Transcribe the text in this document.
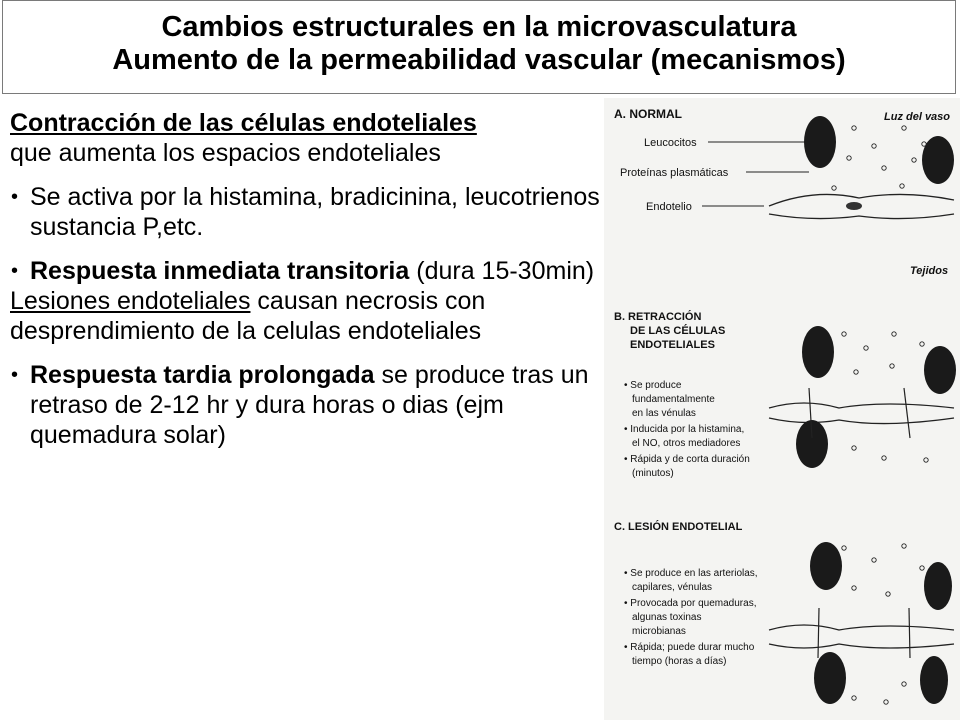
Cambios estructurales en la microvasculatura
Aumento de la permeabilidad vascular (mecanismos)

Contracción de las células endoteliales
que aumenta los espacios endoteliales

• Se activa por la histamina, bradicinina, leucotrienos sustancia P,etc.
• Respuesta inmediata transitoria (dura 15-30min)

Lesiones endoteliales causan necrosis con desprendimiento de la celulas endoteliales

• Respuesta tardia prolongada se produce tras un retraso de 2-12 hr y dura horas o dias (ejm quemadura solar)
A. NORMAL	Luz del vaso
Leucocitos
Proteínas plasmáticas
Endotelio
Tejidos
B. RETRACCIÓN
DE LAS CÉLULAS
ENDOTELIALES
• Se produce
fundamentalmente
en las vénulas
• Inducida por la histamina,
el NO, otros mediadores
• Rápida y de corta duración
(minutos)
C. LESIÓN ENDOTELIAL
• Se produce en las arteriolas,
capilares, vénulas
• Provocada por quemaduras,
algunas toxinas
microbianas
• Rápida; puede durar mucho
tiempo (horas a días)
